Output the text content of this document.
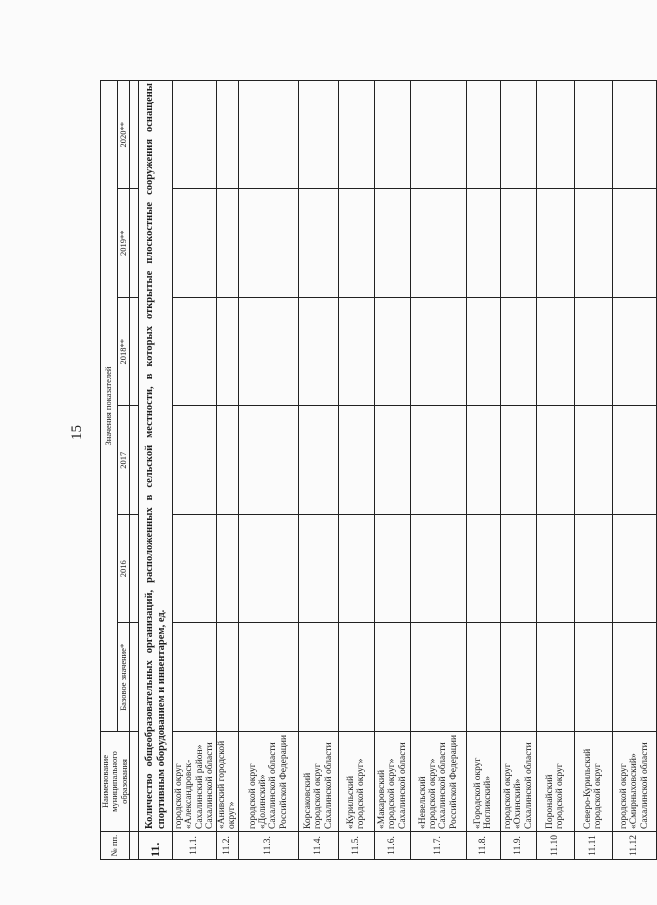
15
№ пп.	Наименование муниципального образования	Значения показателей					
		Базовое значение*	2016	2017	2018**	2019**	2020**

11.	Количество общеобразовательных организаций, расположенных в сельской местности, в которых открытые плоскостные сооружения оснащены спортивным оборудованием и инвентарем, ед.						
11.1.	городской округ «Александровск-Сахалинский район» Сахалинской области						
11.2.	«Анивский городской округ»						
11.3.	городской округ «Долинский» Сахалинской области Российской Федерации						
11.4.	Корсаковский городской округ Сахалинской области						
11.5.	«Курильский городской округ»						
11.6.	«Макаровский городской округ» Сахалинской области						
11.7.	«Невельский городской округ» Сахалинской области Российской Федерации						
11.8.	«Городской округ Ногликский»						
11.9.	городской округ «Охинский» Сахалинской области						
11.10	Поронайский городской округ						
11.11	Северо-Курильский городской округ						
11.12	городской округ «Смирныховский» Сахалинской области						
